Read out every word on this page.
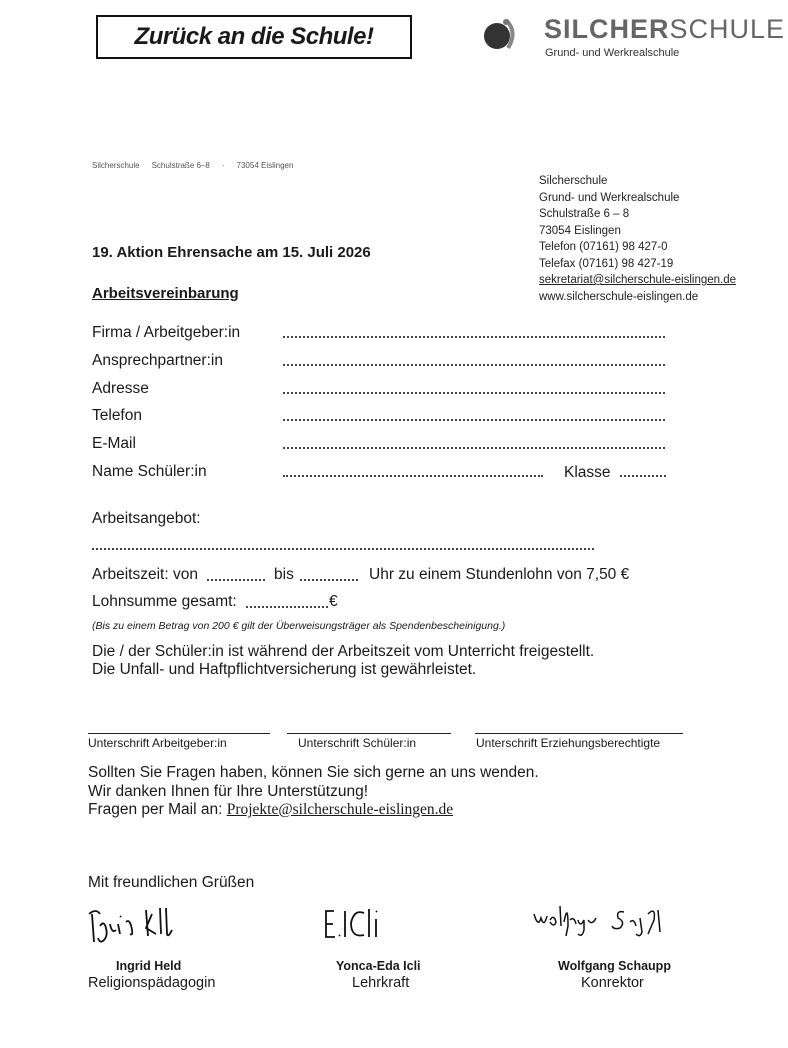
Zurück an die Schule!	SILCHERSCHULE
Grund- und Werkrealschule
Silcherschule Schulstraße 6–8 · 73054 Eislingen
Silcherschule
Grund- und Werkrealschule
Schulstraße 6 – 8
73054 Eislingen
Telefon (07161) 98 427-0
Telefax (07161) 98 427-19
sekretariat@silcherschule-eislingen.de
www.silcherschule-eislingen.de
19. Aktion Ehrensache am 15. Juli 2026
Arbeitsvereinbarung
Firma / Arbeitgeber:in
Ansprechpartner:in
Adresse
Telefon
E-Mail
Name Schüler:in	Klasse
Arbeitsangebot:
Arbeitszeit: von	bis	Uhr zu einem Stundenlohn von 7,50 €
Lohnsumme gesamt:	€
(Bis zu einem Betrag von 200 € gilt der Überweisungsträger als Spendenbescheinigung.)
Die / der Schüler:in ist während der Arbeitszeit vom Unterricht freigestellt.
Die Unfall- und Haftpflichtversicherung ist gewährleistet.
Unterschrift Arbeitgeber:in	Unterschrift Schüler:in	Unterschrift Erziehungsberechtigte
Sollten Sie Fragen haben, können Sie sich gerne an uns wenden.
Wir danken Ihnen für Ihre Unterstützung!
Fragen per Mail an: Projekte@silcherschule-eislingen.de
Mit freundlichen Grüßen
Ingrid Held
Religionspädagogin
Yonca-Eda Icli
Lehrkraft
Wolfgang Schaupp
Konrektor
